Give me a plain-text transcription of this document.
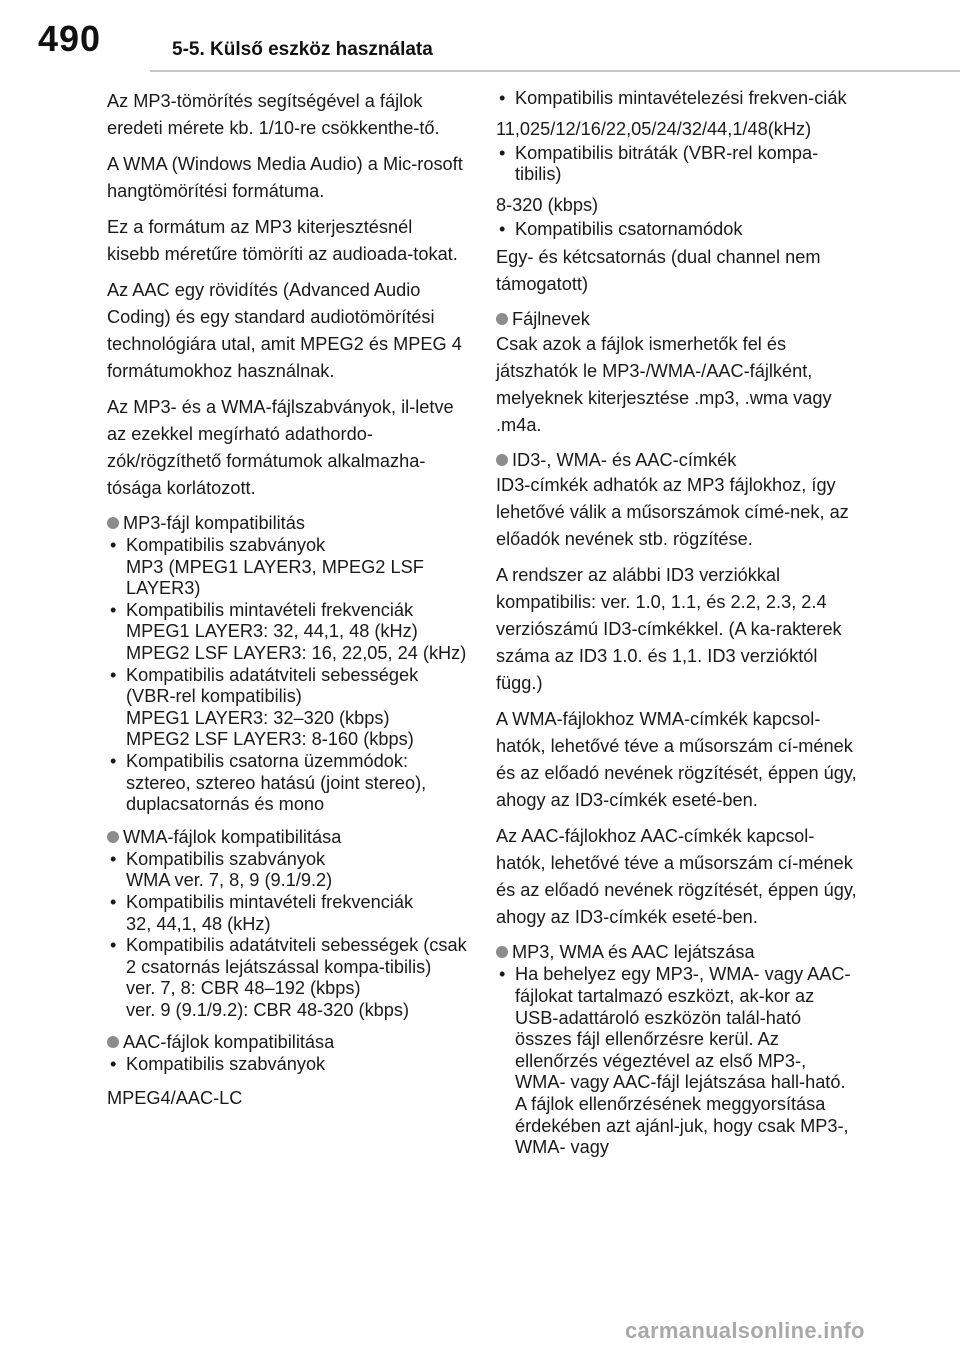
490	5-5. Külső eszköz használata

Az MP3-tömörítés segítségével a fájlok eredeti mérete kb. 1/10-re csökkenthe-tő.

A WMA (Windows Media Audio) a Mic-rosoft hangtömörítési formátuma.

Ez a formátum az MP3 kiterjesztésnél kisebb méretűre tömöríti az audioada-tokat.

Az AAC egy rövidítés (Advanced Audio Coding) és egy standard audiotömörítési technológiára utal, amit MPEG2 és MPEG 4 formátumokhoz használnak.

Az MP3- és a WMA-fájlszabványok, il-letve az ezekkel megírható adathordo-zók/rögzíthető formátumok alkalmazha-tósága korlátozott.

MP3-fájl kompatibilitás
• Kompatibilis szabványok
MP3 (MPEG1 LAYER3, MPEG2 LSF LAYER3)
• Kompatibilis mintavételi frekvenciák
MPEG1 LAYER3: 32, 44,1, 48 (kHz)
MPEG2 LSF LAYER3: 16, 22,05, 24 (kHz)
• Kompatibilis adatátviteli sebességek (VBR-rel kompatibilis)
MPEG1 LAYER3: 32–320 (kbps)
MPEG2 LSF LAYER3: 8-160 (kbps)
• Kompatibilis csatorna üzemmódok: sztereo, sztereo hatású (joint stereo), duplacsatornás és mono
WMA-fájlok kompatibilitása
• Kompatibilis szabványok
WMA ver. 7, 8, 9 (9.1/9.2)
• Kompatibilis mintavételi frekvenciák
32, 44,1, 48 (kHz)
• Kompatibilis adatátviteli sebességek (csak 2 csatornás lejátszással kompa-tibilis)
ver. 7, 8: CBR 48–192 (kbps)
ver. 9 (9.1/9.2): CBR 48-320 (kbps)
AAC-fájlok kompatibilitása
• Kompatibilis szabványok

MPEG4/AAC-LC

• Kompatibilis mintavételezési frekven-ciák

11,025/12/16/22,05/24/32/44,1/48(kHz)

• Kompatibilis bitráták (VBR-rel kompa-tibilis)

8-320 (kbps)

• Kompatibilis csatornamódok

Egy- és kétcsatornás (dual channel nem támogatott)

Fájlnevek

Csak azok a fájlok ismerhetők fel és játszhatók le MP3-/WMA-/AAC-fájlként, melyeknek kiterjesztése .mp3, .wma vagy .m4a.

ID3-, WMA- és AAC-címkék

ID3-címkék adhatók az MP3 fájlokhoz, így lehetővé válik a műsorszámok címé-nek, az előadók nevének stb. rögzítése.

A rendszer az alábbi ID3 verziókkal kompatibilis: ver. 1.0, 1.1, és 2.2, 2.3, 2.4 verziószámú ID3-címkékkel. (A ka-rakterek száma az ID3 1.0. és 1,1. ID3 verzióktól függ.)

A WMA-fájlokhoz WMA-címkék kapcsol-hatók, lehetővé téve a műsorszám cí-mének és az előadó nevének rögzítését, éppen úgy, ahogy az ID3-címkék eseté-ben.

Az AAC-fájlokhoz AAC-címkék kapcsol-hatók, lehetővé téve a műsorszám cí-mének és az előadó nevének rögzítését, éppen úgy, ahogy az ID3-címkék eseté-ben.

MP3, WMA és AAC lejátszása
• Ha behelyez egy MP3-, WMA- vagy AAC-fájlokat tartalmazó eszközt, ak-kor az USB-adattároló eszközön talál-ható összes fájl ellenőrzésre kerül. Az ellenőrzés végeztével az első MP3-, WMA- vagy AAC-fájl lejátszása hall-ható. A fájlok ellenőrzésének meggyorsítása érdekében azt ajánl-juk, hogy csak MP3-, WMA- vagy
carmanualsonline.info
